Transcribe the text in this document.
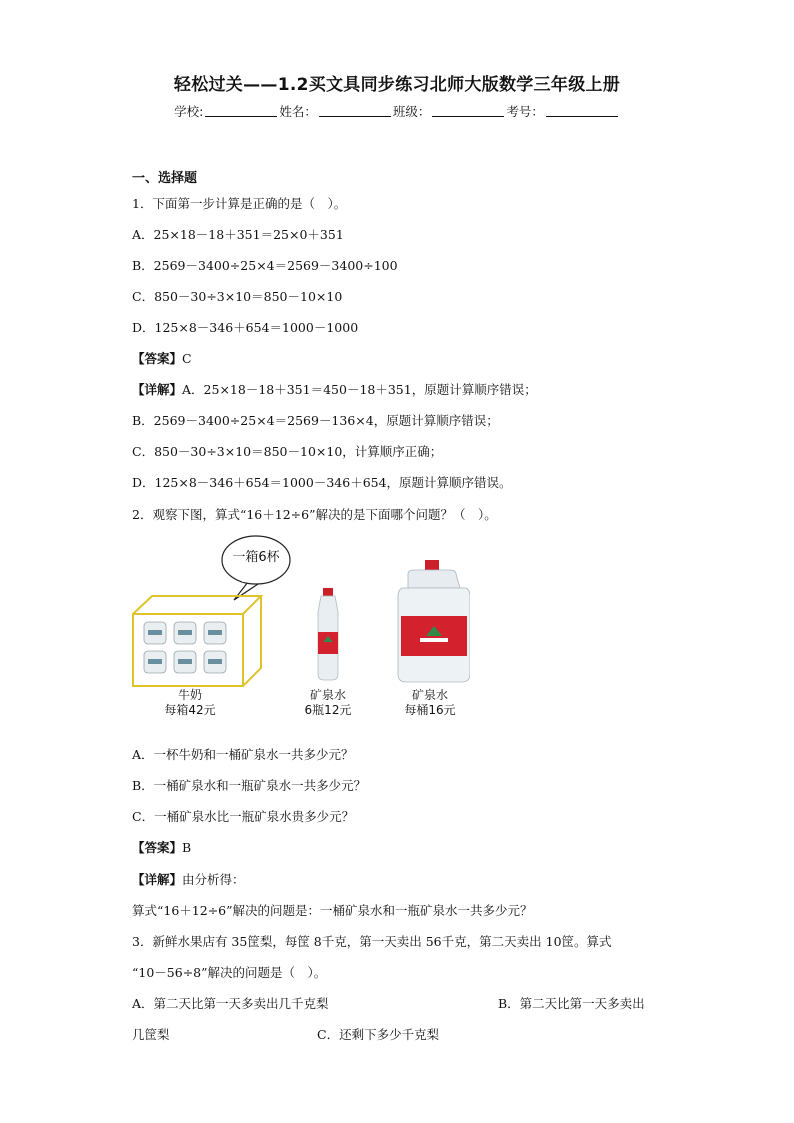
轻松过关——1.2买文具同步练习北师大版数学三年级上册
学校:	姓名：	班级：	考号：
一、选择题
1．下面第一步计算是正确的是（　）。
A．25×18－18＋351＝25×0＋351
B．2569－3400÷25×4＝2569－3400÷100
C．850－30÷3×10＝850－10×10
D．125×8－346＋654＝1000－1000
【答案】C
【详解】A．25×18－18＋351＝450－18＋351，原题计算顺序错误；
B．2569－3400÷25×4＝2569－136×4，原题计算顺序错误；
C．850－30÷3×10＝850－10×10，计算顺序正确；
D．125×8－346＋654＝1000－346＋654，原题计算顺序错误。
2．观察下图，算式“16＋12÷6”解决的是下面哪个问题？（　）。
一箱6杯
牛奶
每箱42元
矿泉水
6瓶12元
矿泉水
每桶16元
A．一杯牛奶和一桶矿泉水一共多少元？
B．一桶矿泉水和一瓶矿泉水一共多少元？
C．一桶矿泉水比一瓶矿泉水贵多少元？
【答案】B
【详解】由分析得：
算式“16＋12÷6”解决的问题是：一桶矿泉水和一瓶矿泉水一共多少元？
3．新鲜水果店有 35筐梨，每筐 8千克，第一天卖出 56千克，第二天卖出 10筐。算式
“10－56÷8”解决的问题是（　）。
A．第二天比第一天多卖出几千克梨	B．第二天比第一天多卖出
几筐梨	C．还剩下多少千克梨
